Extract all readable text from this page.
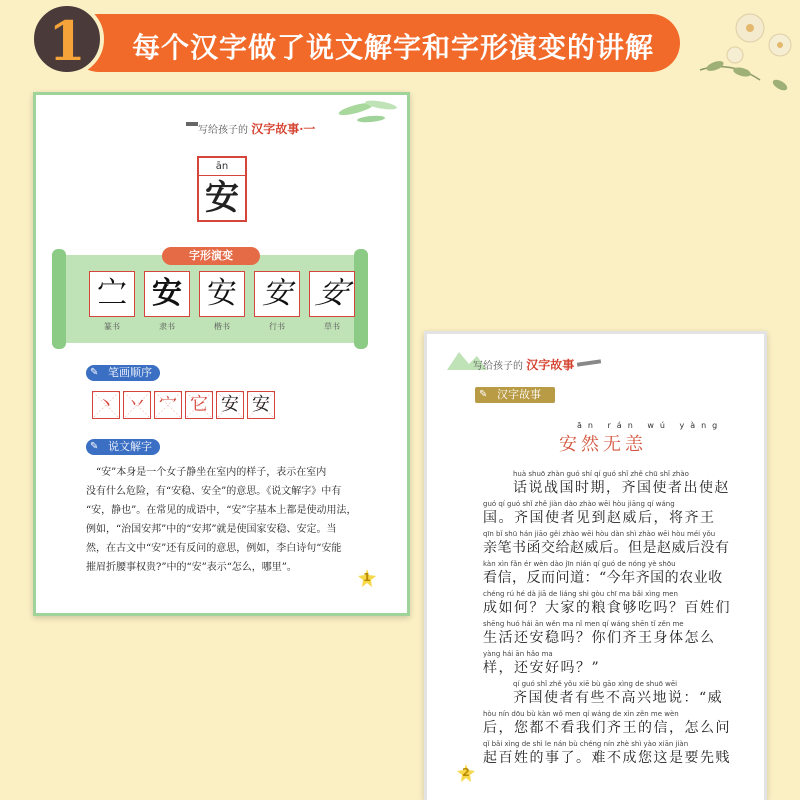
每个汉字做了说文解字和字形演变的讲解
1
写给孩子的 汉字故事·一
ān
安
字形演变
㝉
篆书
安
隶书
安
楷书
安
行书
安
草书
✎ 笔画顺序
丶 丷 宀 它 安 安
✎ 说文解字
“安”本身是一个女子静坐在室内的样子，表示在室内
没有什么危险，有“安稳、安全”的意思。《说文解字》中有
“安，静也”。在常见的成语中，“安”字基本上都是使动用法，
例如，“治国安邦”中的“安邦”就是使国家安稳、安定。当
然，在古文中“安”还有反问的意思，例如，李白诗句“安能
摧眉折腰事权贵?”中的“安”表示“怎么，哪里”。
1
写给孩子的 汉字故事
✎ 汉字故事
ān rán wú yàng
安然无恙
huà shuō zhàn guó shí qí guó shǐ zhě chū shǐ zhào
话说战国时期，齐国使者出使赵
guó qí guó shǐ zhě jiàn dào zhào wēi hòu jiāng qí wáng
国。齐国使者见到赵威后，将齐王
qīn bǐ shū hán jiāo gěi zhào wēi hòu dàn shì zhào wēi hòu méi yǒu
亲笔书函交给赵威后。但是赵威后没有
kàn xìn fǎn ér wèn dào jīn nián qí guó de nóng yè shōu
看信，反而问道：“今年齐国的农业收
chéng rú hé dà jiā de liáng shi gòu chī ma bǎi xìng men
成如何？大家的粮食够吃吗？百姓们
shēng huó hái ān wěn ma nǐ men qí wáng shēn tǐ zěn me
生活还安稳吗？你们齐王身体怎么
yàng hái ān hǎo ma
样，还安好吗？”
qí guó shǐ zhě yǒu xiē bù gāo xìng de shuō wēi
齐国使者有些不高兴地说：“威
hòu nín dōu bù kàn wǒ men qí wáng de xìn zěn me wèn
后，您都不看我们齐王的信，怎么问
qǐ bǎi xìng de shì le nán bù chéng nín zhè shì yào xiān jiàn
起百姓的事了。难不成您这是要先贱
2
